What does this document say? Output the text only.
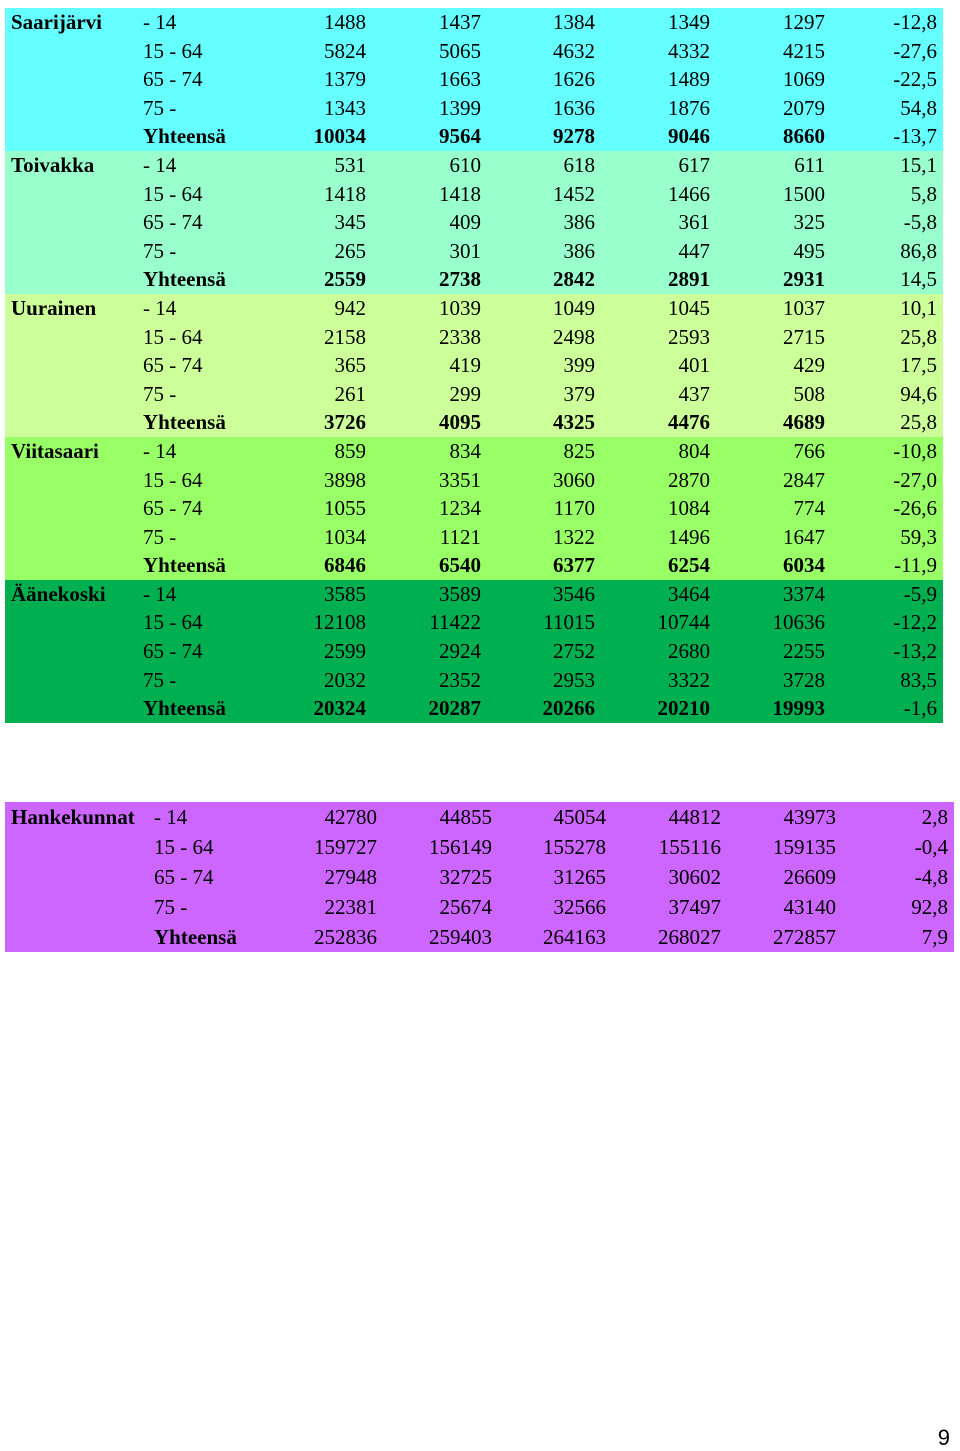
Saarijärvi	- 14	1488	1437	1384	1349	1297	-12,8
	15 - 64	5824	5065	4632	4332	4215	-27,6
	65 - 74	1379	1663	1626	1489	1069	-22,5
	75 -	1343	1399	1636	1876	2079	54,8
	Yhteensä	10034	9564	9278	9046	8660	-13,7
Toivakka	- 14	531	610	618	617	611	15,1
	15 - 64	1418	1418	1452	1466	1500	5,8
	65 - 74	345	409	386	361	325	-5,8
	75 -	265	301	386	447	495	86,8
	Yhteensä	2559	2738	2842	2891	2931	14,5
Uurainen	- 14	942	1039	1049	1045	1037	10,1
	15 - 64	2158	2338	2498	2593	2715	25,8
	65 - 74	365	419	399	401	429	17,5
	75 -	261	299	379	437	508	94,6
	Yhteensä	3726	4095	4325	4476	4689	25,8
Viitasaari	- 14	859	834	825	804	766	-10,8
	15 - 64	3898	3351	3060	2870	2847	-27,0
	65 - 74	1055	1234	1170	1084	774	-26,6
	75 -	1034	1121	1322	1496	1647	59,3
	Yhteensä	6846	6540	6377	6254	6034	-11,9
Äänekoski	- 14	3585	3589	3546	3464	3374	-5,9
	15 - 64	12108	11422	11015	10744	10636	-12,2
	65 - 74	2599	2924	2752	2680	2255	-13,2
	75 -	2032	2352	2953	3322	3728	83,5
	Yhteensä	20324	20287	20266	20210	19993	-1,6
Hankekunnat	- 14	42780	44855	45054	44812	43973	2,8
	15 - 64	159727	156149	155278	155116	159135	-0,4
	65 - 74	27948	32725	31265	30602	26609	-4,8
	75 -	22381	25674	32566	37497	43140	92,8
	Yhteensä	252836	259403	264163	268027	272857	7,9
9
